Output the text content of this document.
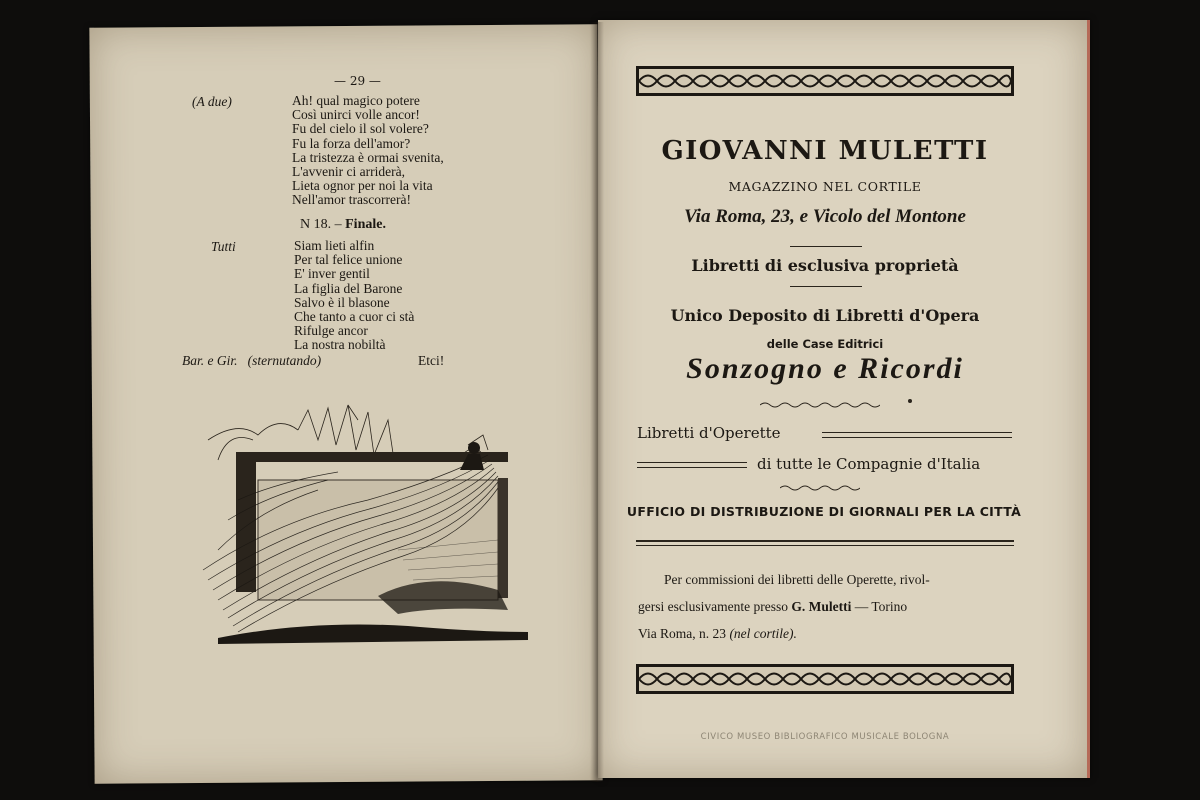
— 29 —
(A due)	Ah! qual magico potere
Così unirci volle ancor!
Fu del cielo il sol volere?
Fu la forza dell'amor?
La tristezza è ormai svenita,
L'avvenir ci arriderà,
Lieta ognor per noi la vita
Nell'amor trascorrerà!
N 18. – Finale.
Tutti	Siam lieti alfin
Per tal felice unione
E' inver gentil
La figlia del Barone
Salvo è il blasone
Che tanto a cuor ci stà
Rifulge ancor
La nostra nobiltà
Bar. e Gir. (sternutando)	Etci!
GIOVANNI MULETTI
MAGAZZINO NEL CORTILE
Via Roma, 23, e Vicolo del Montone
Libretti di esclusiva proprietà
Unico Deposito di Libretti d'Opera
delle Case Editrici
Sonzogno e Ricordi
Libretti d'Operette
di tutte le Compagnie d'Italia
UFFICIO DI DISTRIBUZIONE DI GIORNALI PER LA CITTÀ
Per commissioni dei libretti delle Operette, rivol-
gersi esclusivamente presso G. Muletti — Torino
Via Roma, n. 23 (nel cortile).
CIVICO MUSEO BIBLIOGRAFICO MUSICALE BOLOGNA
